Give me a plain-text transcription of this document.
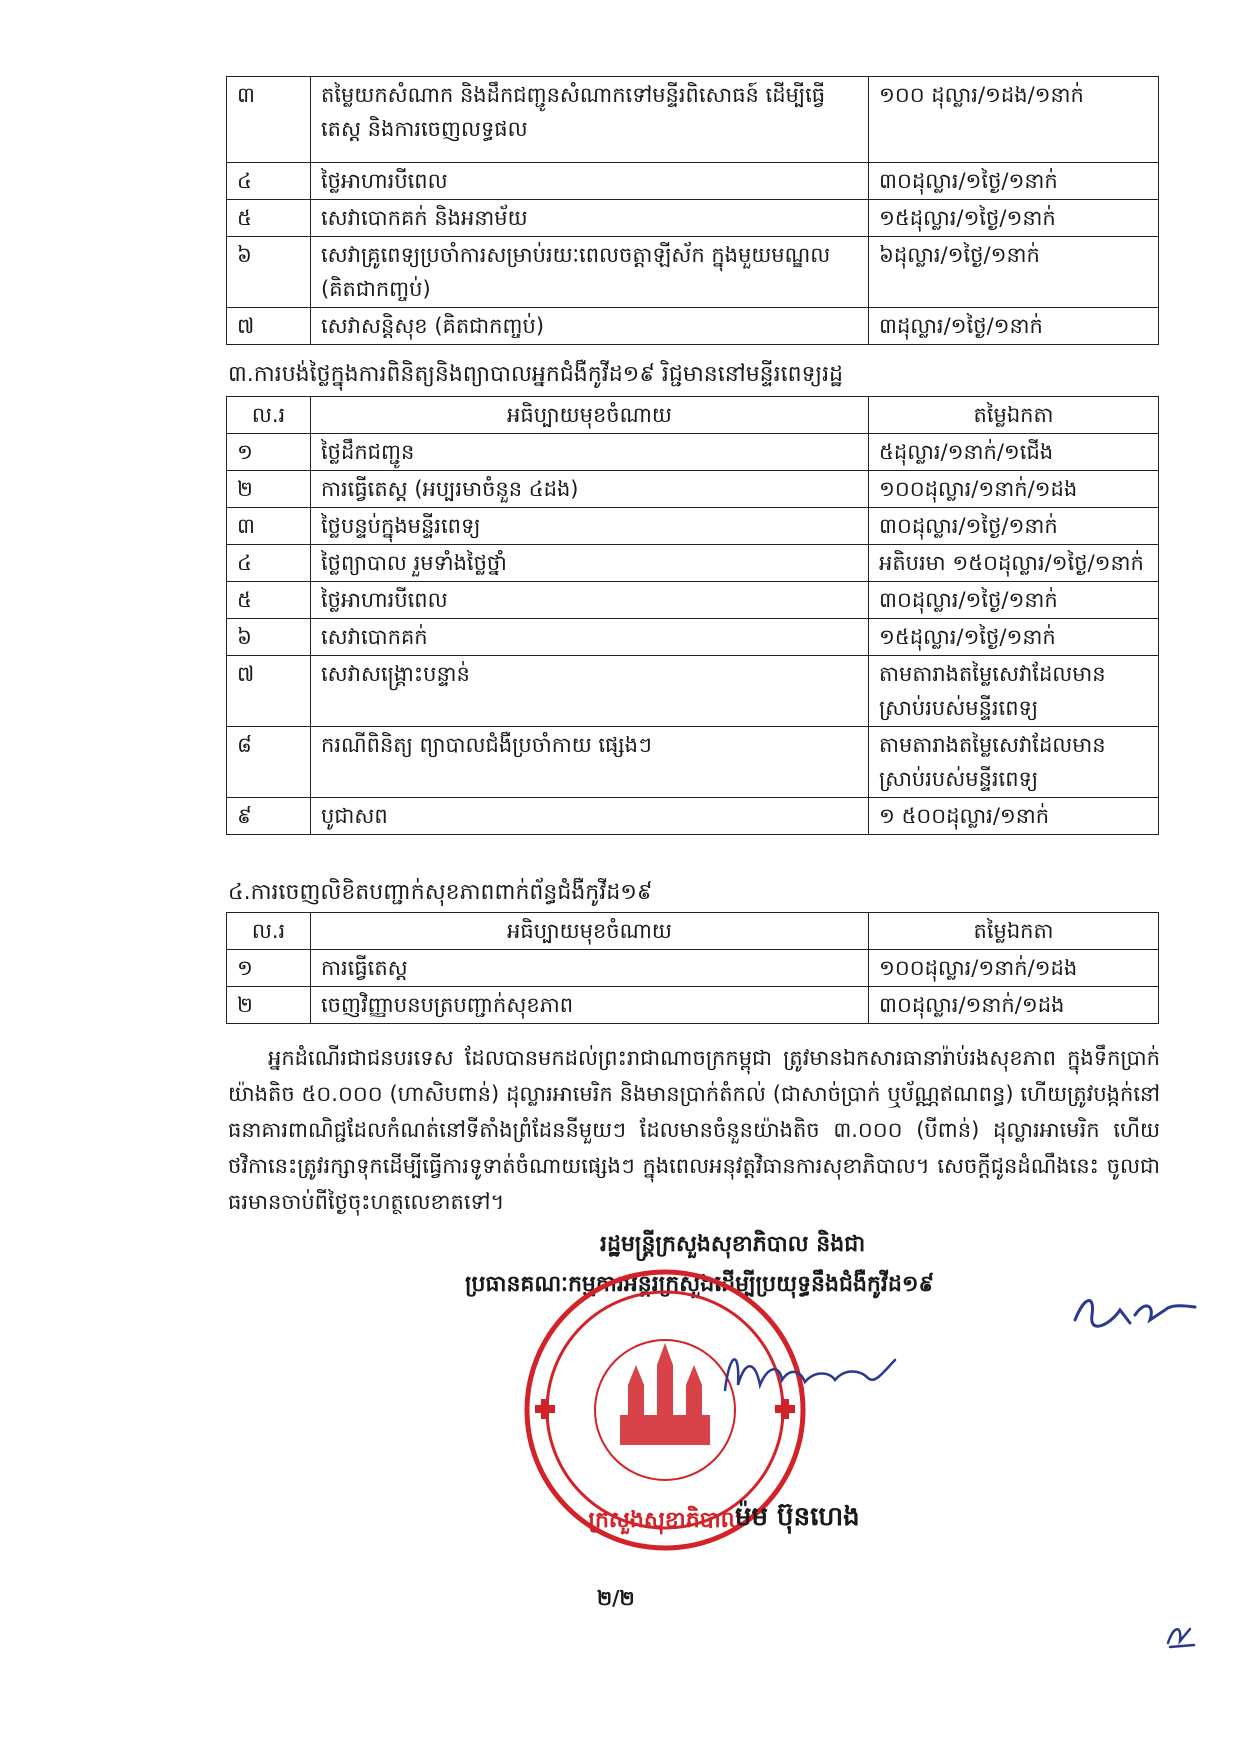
៣	តម្លៃយកសំណាក និងដឹកជញ្ជូនសំណាកទៅមន្ទីរពិសោធន៍ ដើម្បីធ្វើតេស្ត និងការចេញលទ្ធផល	១០០ ដុល្លារ/១ដង/១នាក់
៤	ថ្លៃអាហារបីពេល	៣០ដុល្លារ/១ថ្ងៃ/១នាក់
៥	សេវាបោកគក់ និងអនាម័យ	១៥ដុល្លារ/១ថ្ងៃ/១នាក់
៦	សេវាគ្រូពេទ្យប្រចាំការសម្រាប់រយៈពេលចត្តាឡីស័ក ក្នុងមួយមណ្ឌល (គិតជាកញ្ចប់)	៦ដុល្លារ/១ថ្ងៃ/១នាក់
៧	សេវាសន្តិសុខ (គិតជាកញ្ចប់)	៣ដុល្លារ/១ថ្ងៃ/១នាក់
៣.ការបង់ថ្លៃក្នុងការពិនិត្យនិងព្យាបាលអ្នកជំងឺកូវីដ១៩ រិជ្ជមាននៅមន្ទីរពេទ្យរដ្ឋ
ល.រ	អធិប្បាយមុខចំណាយ	តម្លៃឯកតា
១	ថ្លៃដឹកជញ្ជូន	៥ដុល្លារ/១នាក់/១ជើង
២	ការធ្វើតេស្ត (អប្បរមាចំនួន ៤ដង)	១០០ដុល្លារ/១នាក់/១ដង
៣	ថ្លៃបន្ទប់ក្នុងមន្ទីរពេទ្យ	៣០ដុល្លារ/១ថ្ងៃ/១នាក់
៤	ថ្លៃព្យាបាល រួមទាំងថ្លៃថ្នាំ	អតិបរមា ១៥០ដុល្លារ/១ថ្ងៃ/១នាក់
៥	ថ្លៃអាហារបីពេល	៣០ដុល្លារ/១ថ្ងៃ/១នាក់
៦	សេវាបោកគក់	១៥ដុល្លារ/១ថ្ងៃ/១នាក់
៧	សេវាសង្គ្រោះបន្ទាន់	តាមតារាងតម្លៃសេវាដែលមានស្រាប់របស់មន្ទីរពេទ្យ
៨	ករណីពិនិត្យ ព្យាបាលជំងឺប្រចាំកាយ ផ្សេងៗ	តាមតារាងតម្លៃសេវាដែលមានស្រាប់របស់មន្ទីរពេទ្យ
៩	បូជាសព	១ ៥០០ដុល្លារ/១នាក់
៤.ការចេញលិខិតបញ្ជាក់សុខភាពពាក់ព័ន្ធជំងឺកូវីដ១៩
ល.រ	អធិប្បាយមុខចំណាយ	តម្លៃឯកតា
១	ការធ្វើតេស្ត	១០០ដុល្លារ/១នាក់/១ដង
២	ចេញវិញ្ញាបនបត្របញ្ជាក់សុខភាព	៣០ដុល្លារ/១នាក់/១ដង
អ្នកដំណើរជាជនបរទេស ដែលបានមកដល់ព្រះរាជាណាចក្រកម្ពុជា ត្រូវមានឯកសារធានារ៉ាប់រងសុខភាព ក្នុងទឹកប្រាក់យ៉ាងតិច ៥០.០០០ (ហាសិបពាន់) ដុល្លារអាមេរិក និងមានប្រាក់តំកល់ (ជាសាច់ប្រាក់ ឬប័ណ្ណឥណពន្ធ) ហើយត្រូវបង្កក់នៅធនាគារពាណិជ្ជដែលកំណត់នៅទីតាំងព្រំដែននីមួយៗ ដែលមានចំនួនយ៉ាងតិច ៣.០០០ (បីពាន់) ដុល្លារអាមេរិក ហើយថវិកានេះត្រូវរក្សាទុកដើម្បីធ្វើការទូទាត់ចំណាយផ្សេងៗ ក្នុងពេលអនុវត្តវិធានការសុខាភិបាល។ សេចក្តីជូនដំណឹងនេះ ចូលជាធរមានចាប់ពីថ្ងៃចុះហត្ថលេខាតទៅ។
រដ្ឋមន្ត្រីក្រសួងសុខាភិបាល និងជា
ប្រធានគណៈកម្មការអន្តរក្រសួងដើម្បីប្រយុទ្ធនឹងជំងឺកូវីដ១៩
ក្រសួងសុខាភិបាល
ម៉ម ប៊ុនហេង
២/២
